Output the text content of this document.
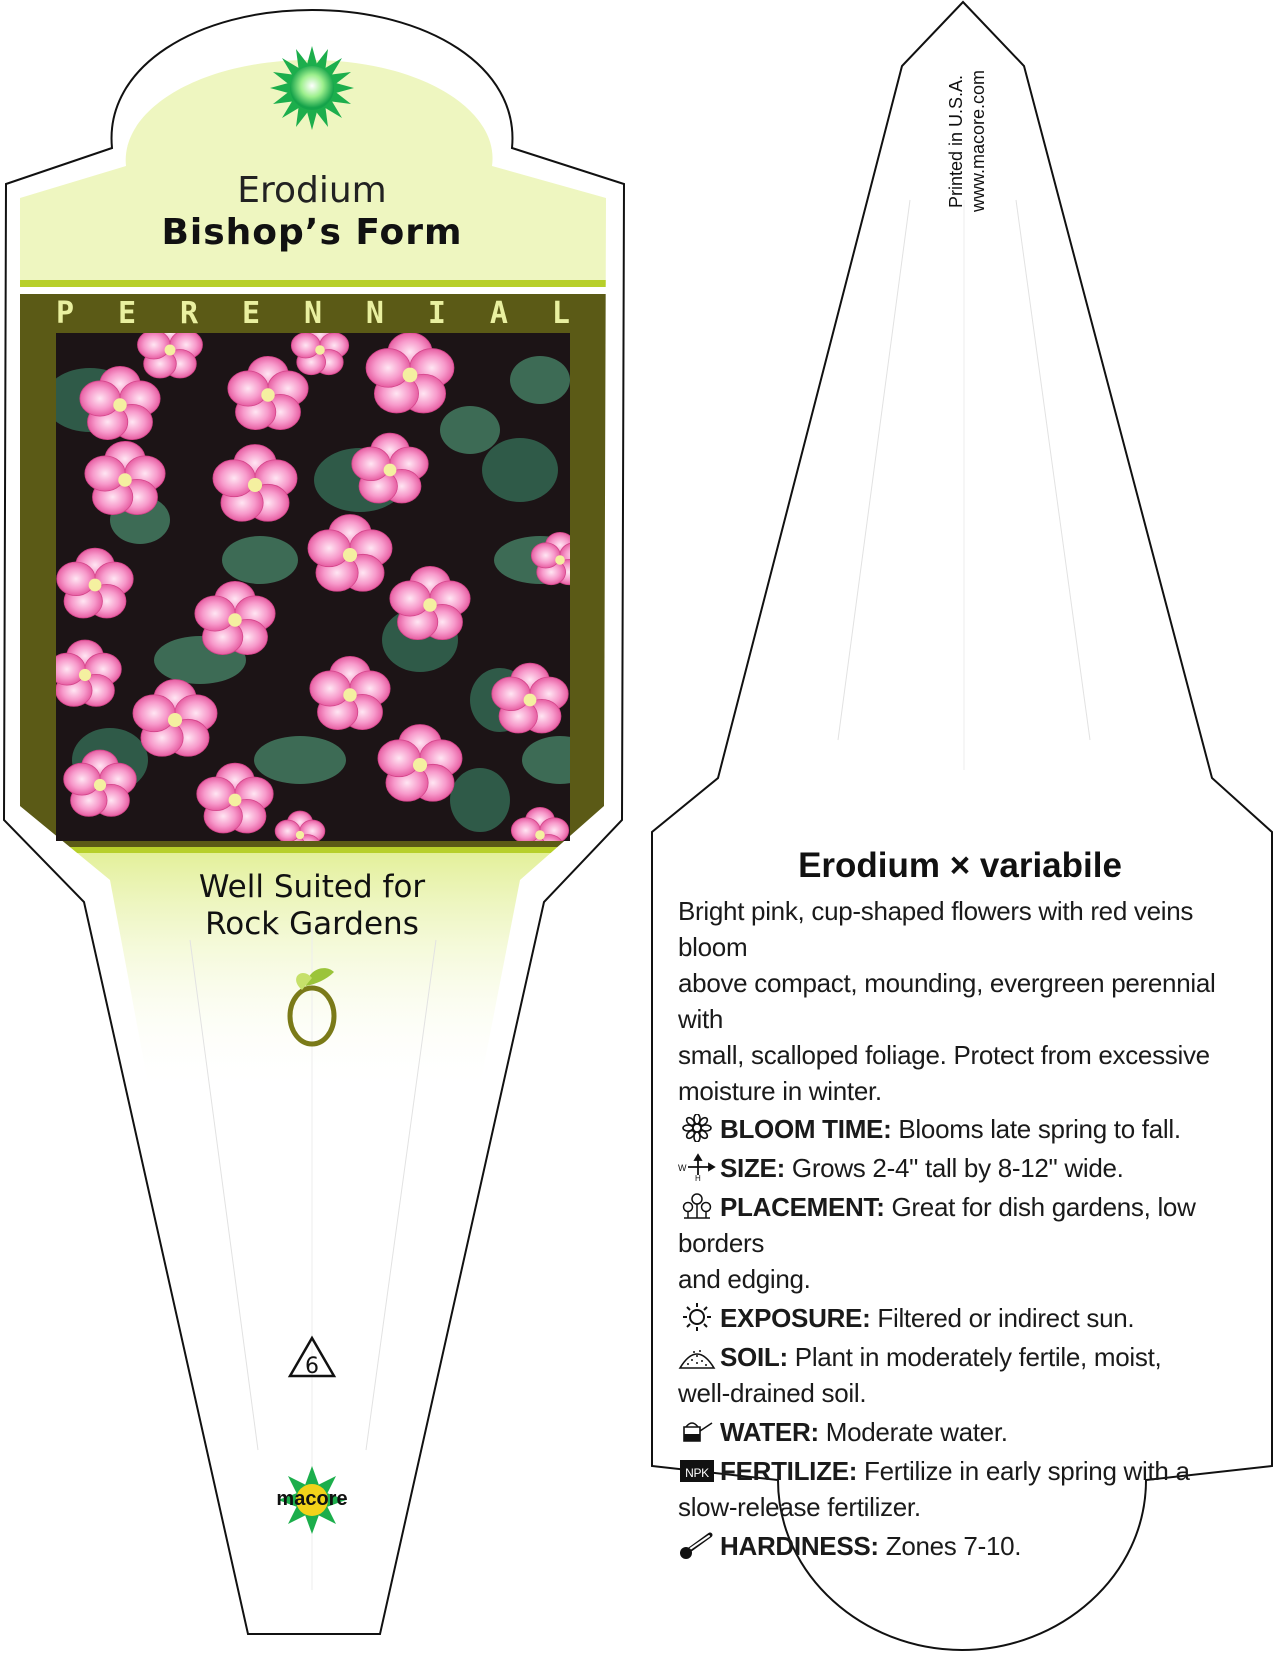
Erodium
Bishop’s Form
P E R E N N I A L
Well Suited for
Rock Gardens
6
macore
Printed in U.S.A. www.macore.com
Erodium × variabile

Bright pink, cup-shaped flowers with red veins bloom

above compact, mounding, evergreen perennial with

small, scalloped foliage. Protect from excessive

moisture in winter.

BLOOM TIME: Blooms late spring to fall.

W
H SIZE: Grows 2-4" tall by 8-12" wide.

PLACEMENT: Great for dish gardens, low borders
and edging.

EXPOSURE: Filtered or indirect sun.

SOIL: Plant in moderately fertile, moist,
well-drained soil.

WATER: Moderate water.

NPK FERTILIZE: Fertilize in early spring with a
slow-release fertilizer.

HARDINESS: Zones 7-10.
